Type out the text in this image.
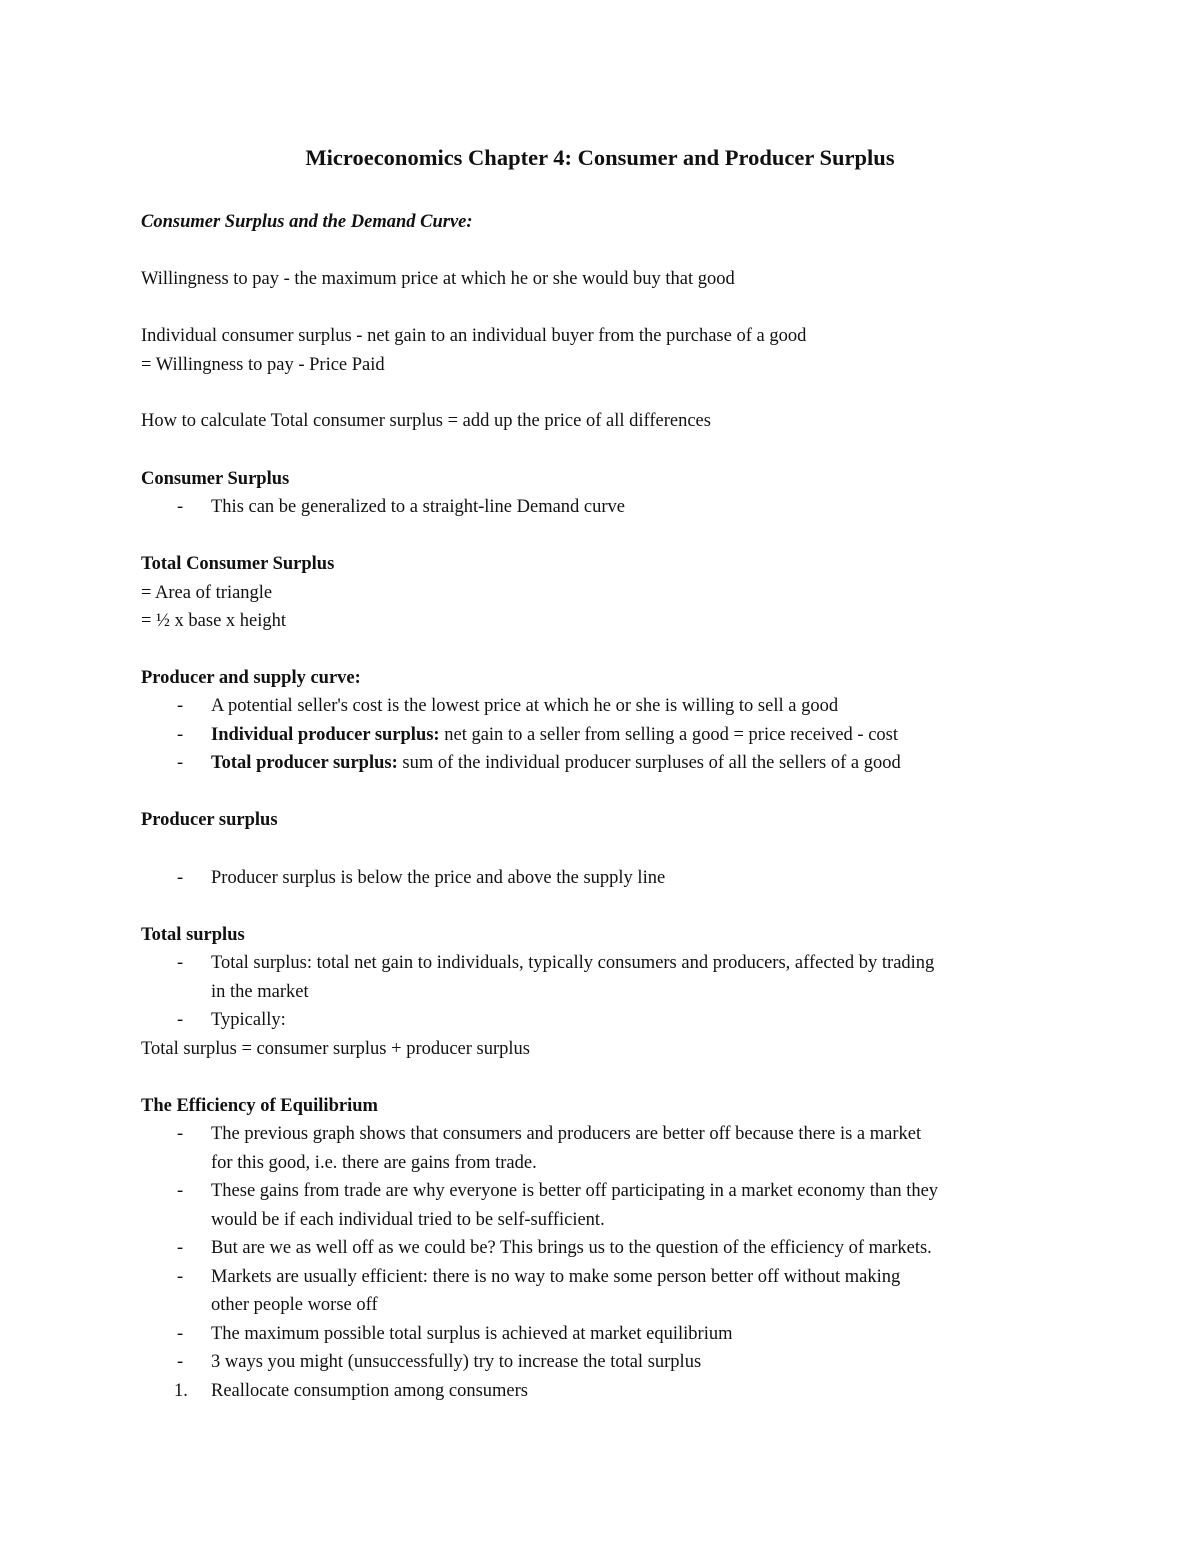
Microeconomics Chapter 4: Consumer and Producer Surplus
Consumer Surplus and the Demand Curve:
Willingness to pay - the maximum price at which he or she would buy that good
Individual consumer surplus - net gain to an individual buyer from the purchase of a good
= Willingness to pay - Price Paid
How to calculate Total consumer surplus = add up the price of all differences
Consumer Surplus
- This can be generalized to a straight-line Demand curve
Total Consumer Surplus
= Area of triangle
= ½ x base x height
Producer and supply curve:
- A potential seller's cost is the lowest price at which he or she is willing to sell a good
- Individual producer surplus: net gain to a seller from selling a good = price received - cost
- Total producer surplus: sum of the individual producer surpluses of all the sellers of a good
Producer surplus
- Producer surplus is below the price and above the supply line
Total surplus
- Total surplus: total net gain to individuals, typically consumers and producers, affected by trading
in the market
- Typically:
Total surplus = consumer surplus + producer surplus
The Efficiency of Equilibrium
- The previous graph shows that consumers and producers are better off because there is a market
for this good, i.e. there are gains from trade.
- These gains from trade are why everyone is better off participating in a market economy than they
would be if each individual tried to be self-sufficient.
- But are we as well off as we could be? This brings us to the question of the efficiency of markets.
- Markets are usually efficient: there is no way to make some person better off without making
other people worse off
- The maximum possible total surplus is achieved at market equilibrium
- 3 ways you might (unsuccessfully) try to increase the total surplus
1. Reallocate consumption among consumers
